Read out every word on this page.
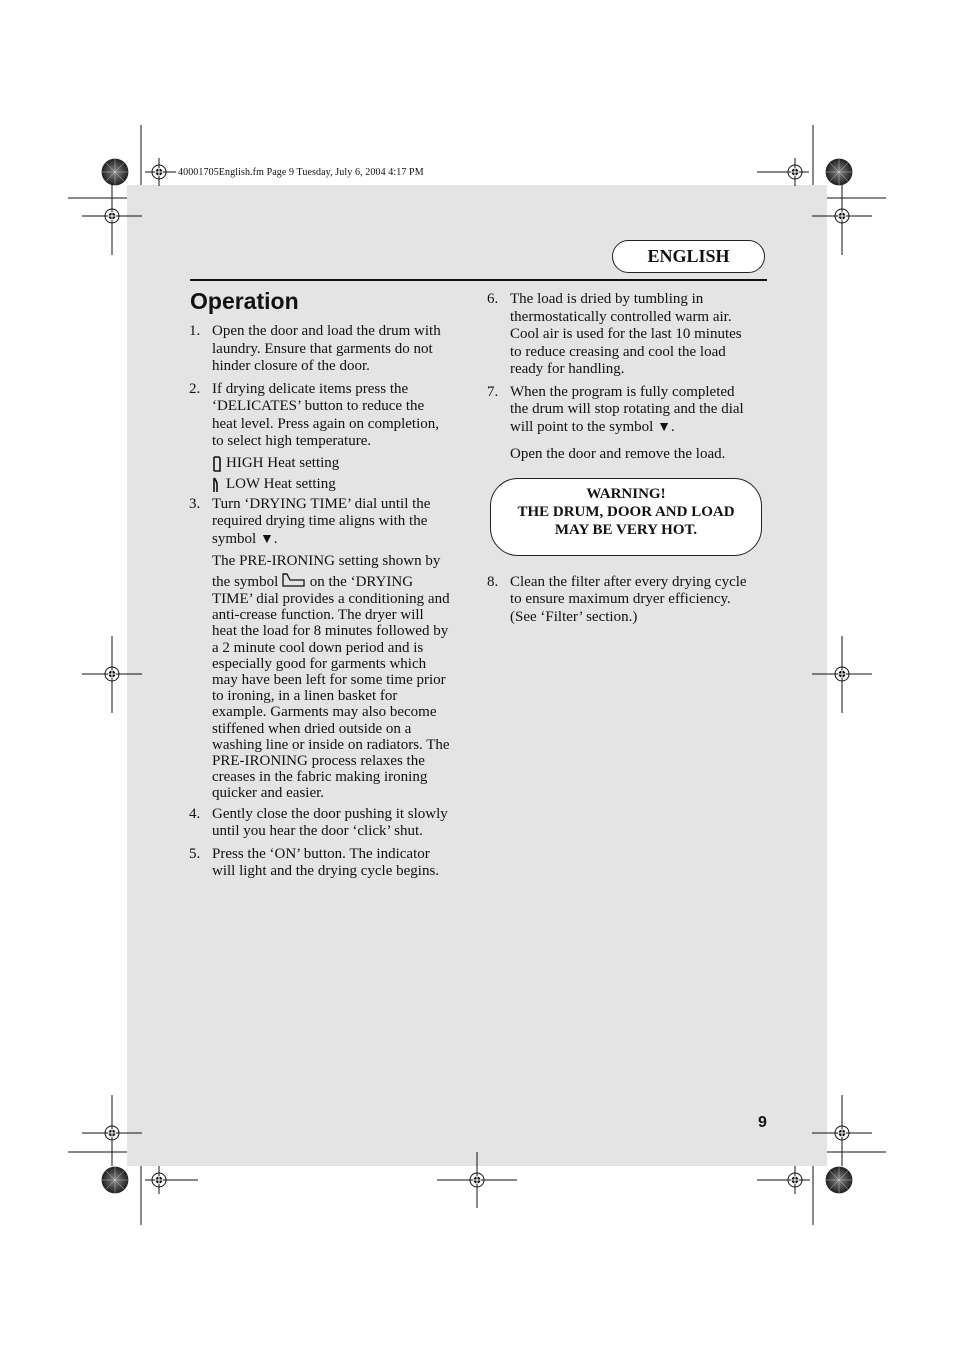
40001705English.fm Page 9 Tuesday, July 6, 2004 4:17 PM
ENGLISH
Operation
1. Open the door and load the drum with

laundry. Ensure that garments do not

hinder closure of the door.

2. If drying delicate items press the

‘DELICATES’ button to reduce the

heat level. Press again on completion,

to select high temperature.

HIGH Heat setting
LOW Heat setting
3. Turn ‘DRYING TIME’ dial until the

required drying time aligns with the

symbol ▼.

The PRE-IRONING setting shown by

the symbol on the ‘DRYING

TIME’ dial provides a conditioning and

anti-crease function. The dryer will

heat the load for 8 minutes followed by

a 2 minute cool down period and is

especially good for garments which

may have been left for some time prior

to ironing, in a linen basket for

example. Garments may also become

stiffened when dried outside on a

washing line or inside on radiators. The

PRE-IRONING process relaxes the

creases in the fabric making ironing

quicker and easier.

4. Gently close the door pushing it slowly

until you hear the door ‘click’ shut.

5. Press the ‘ON’ button. The indicator

will light and the drying cycle begins.

6. The load is dried by tumbling in

thermostatically controlled warm air.

Cool air is used for the last 10 minutes

to reduce creasing and cool the load

ready for handling.

7. When the program is fully completed

the drum will stop rotating and the dial

will point to the symbol ▼.

Open the door and remove the load.
WARNING!
THE DRUM, DOOR AND LOAD
MAY BE VERY HOT.
8. Clean the filter after every drying cycle

to ensure maximum dryer efficiency.

(See ‘Filter’ section.)

9
